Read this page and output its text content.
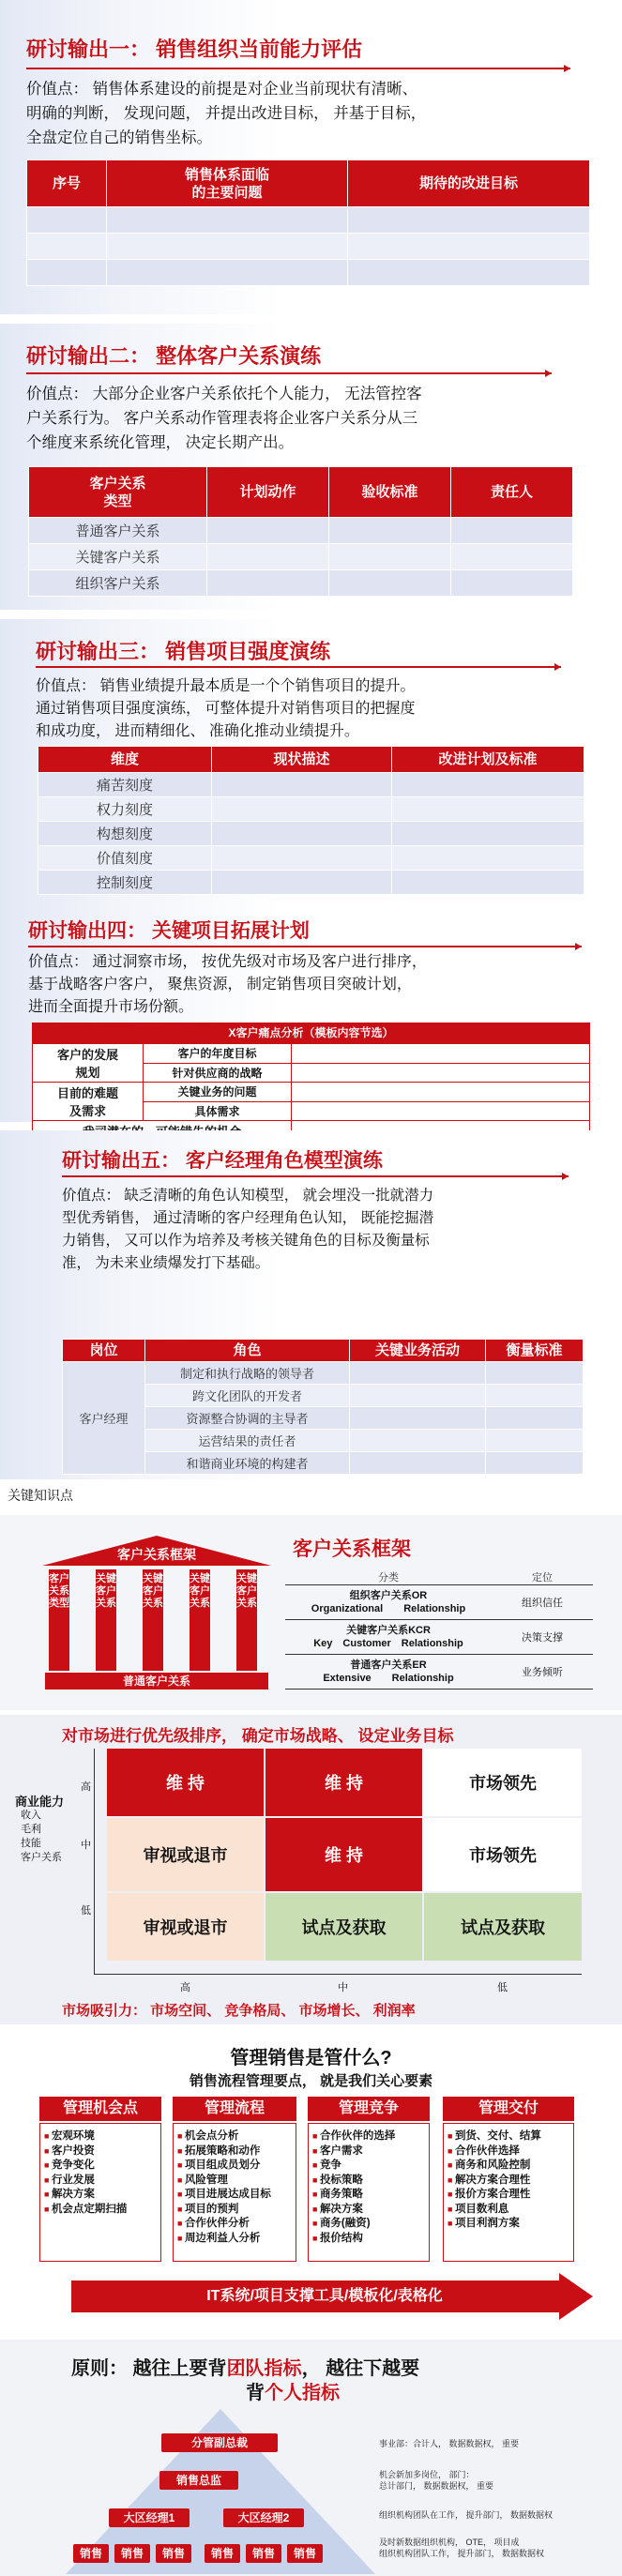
研讨输出一： 销售组织当前能力评估
价值点： 销售体系建设的前提是对企业当前现状有清晰、
明确的判断， 发现问题， 并提出改进目标， 并基于目标，
全盘定位自己的销售坐标。
序号	销售体系面临
的主要问题	期待的改进目标

研讨输出二： 整体客户关系演练
价值点： 大部分企业客户关系依托个人能力， 无法管控客
户关系行为。 客户关系动作管理表将企业客户关系分从三
个维度来系统化管理， 决定长期产出。
客户关系
类型	计划动作	验收标准	责任人
普通客户关系			
关键客户关系			
组织客户关系			
研讨输出三： 销售项目强度演练
价值点： 销售业绩提升最本质是一个个销售项目的提升。
通过销售项目强度演练， 可整体提升对销售项目的把握度
和成功度， 进而精细化、 准确化推动业绩提升。
维度	现状描述	改进计划及标准
痛苦刻度		
权力刻度		
构想刻度		
价值刻度		
控制刻度		
研讨输出四： 关键项目拓展计划
价值点： 通过洞察市场， 按优先级对市场及客户进行排序，
基于战略客户客户， 聚焦资源， 制定销售项目突破计划，
进而全面提升市场份额。
X客户痛点分析（模板内容节选）		
客户的发展
规划	客户的年度目标	
	针对供应商的战略	
目前的难题
及需求	关键业务的问题	
	具体需求	

研讨输出五： 客户经理角色模型演练
价值点： 缺乏清晰的角色认知模型， 就会埋没一批就潜力
型优秀销售， 通过清晰的客户经理角色认知， 既能挖掘潜
力销售， 又可以作为培养及考核关键角色的目标及衡量标
准， 为未来业绩爆发打下基础。
岗位	角色	关键业务活动	衡量标准
客户经理	制定和执行战略的领导者		
	跨文化团队的开发者		
	资源整合协调的主导者		
	运营结果的责任者		
	和谐商业环境的构建者		
关键知识点
客户关系框架
客户关系类型
关键客户关系
关键客户关系
关键客户关系
关键客户关系
普通客户关系
客户关系框架
分类	定位
组织客户关系OR
Organizational　　Relationship	组织信任
关键客户关系KCR
Key　Customer　Relationship	决策支撑
普通客户关系ER
Extensive　　Relationship	业务倾听
对市场进行优先级排序， 确定市场战略、 设定业务目标
商业能力
收入
毛利
技能
客户关系
高
中
低
维 持	维 持	市场领先
审视或退市	维 持	市场领先
审视或退市	试点及获取	试点及获取
高	中	低
市场吸引力： 市场空间、 竞争格局、 市场增长、 利润率
管理销售是管什么?
销售流程管理要点， 就是我们关心要素
管理机会点
■ 宏观环境
■ 客户投资
■ 竞争变化
■ 行业发展
■ 解决方案
■ 机会点定期扫描
管理流程
■ 机会点分析
■ 拓展策略和动作
■ 项目组成员划分
■ 风险管理
■ 项目进展达成目标
■ 项目的预判
■ 合作伙伴分析
■ 周边利益人分析
管理竞争
■ 合作伙伴的选择
■ 客户需求
■ 竞争
■ 投标策略
■ 商务策略
■ 解决方案
■ 商务(融资)
■ 报价结构
管理交付
■ 到货、交付、结算
■ 合作伙伴选择
■ 商务和风险控制
■ 解决方案合理性
■ 报价方案合理性
■ 项目数利息
■ 项目利润方案
IT系统/项目支撑工具/模板化/表格化
原则： 越往上要背团队指标， 越往下越要
背个人指标
分管副总裁
销售总监
大区经理1	大区经理2
销售	销售	销售	销售	销售	销售
事业部：合计人， 数据数据权， 重要
机会新加多岗位， 部门：
总计部门， 数据数据权， 重要
组织机构团队在工作， 提升部门， 数据数据权
及时新数据组织机构， OTE， 项目成
组织机构团队工作， 提升部门， 数据数据权
